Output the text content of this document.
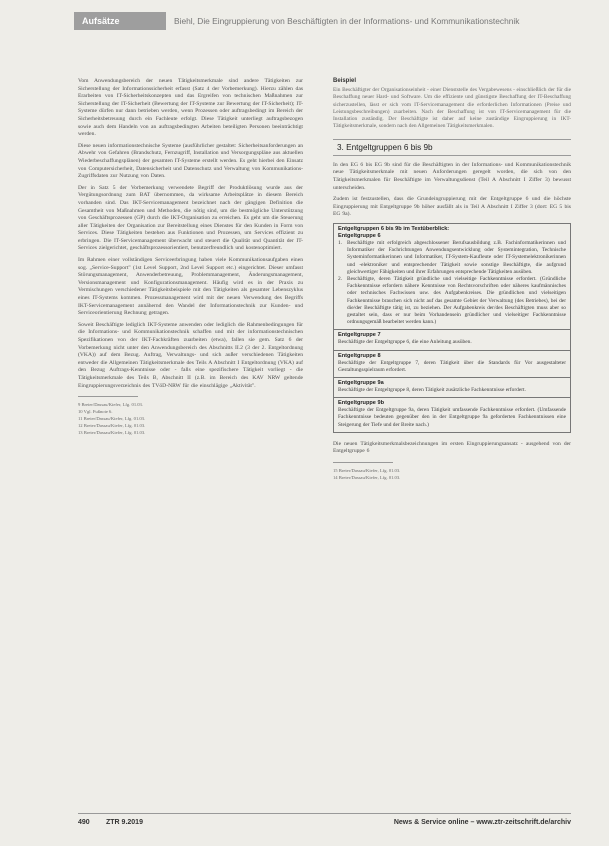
Aufsätze	Biehl, Die Eingruppierung von Beschäftigten in der Informations- und Kommunikationstechnik

Vom Anwendungsbereich der neuen Tätigkeitsmerkmale sind andere Tätigkeiten zur Sicherstellung der Informationssicherheit erfasst (Satz 4 der Vorbemerkung). Hierzu zählen das Erarbeiten von IT-Sicherheitskonzepten und das Ergreifen von technischen Maßnahmen zur Sicherstellung der IT-Sicherheit (Bewertung der IT-Systeme zur Bewertung der IT-Sicherheit); IT-Systeme dürfen nur dann betrieben werden, wenn Prozessen oder auftragsbedingt im Bereich der Sicherheitsbetreuung durch ein Fachleute erfolgt. Diese Tätigkeit unterliegt auftragsbezogen sowie auch dem Handeln von an auftragsbedingten Arbeiten beteiligten Personen beeinträchtigt werden.

Diese neuen informationstechnische Systeme (ausführlicher gestaltet: Sicherheitsanforderungen an Abwehr von Gefahren (Brandschutz, Fernzugriff, Installation und Versorgungspläne aus aktuellen Wiederbeschaffungsplänen) der gesamten IT-Systeme erstellt werden. Es geht hierbei den Einsatz von Computersicherheit, Datensicherheit und Datenschutz und Verwaltung von Kommunikations-Zugriffsdaten zur Nutzung von Daten.

Der in Satz 5 der Vorbemerkung verwendete Begriff der Produktlösung wurde aus der Vergütungsordnung zum BAT übernommen, da wirksame Arbeitsplätze in diesem Bereich vorhanden sind. Das IKT-Servicemanagement bezeichnet nach der gängigen Definition die Gesamtheit von Maßnahmen und Methoden, die nötig sind, um die bestmögliche Unterstützung von Geschäftsprozessen (GP) durch die IKT-Organisation zu erreichen. Es geht um die Steuerung aller Tätigkeiten der Organisation zur Bereitstellung eines Dienstes für den Kunden in Form von Services. Diese Tätigkeiten bestehen aus Funktionen und Prozessen, um Services effizient zu erbringen. Die IT-Servicemanagement überwacht und steuert die Qualität und Quantität der IT-Services zielgerichtet, geschäftsprozessorientiert, benutzerfreundlich und kostenoptimiert.

Im Rahmen einer vollständigen Serviceerbringung haben viele Kommunikationsaufgaben einen sog. „Service-Support" (1st Level Support, 2nd Level Support etc.) eingerichtet. Dieser umfasst Störungsmanagement, Anwenderbetreuung, Problemmanagement, Änderungsmanagement, Versionsmanagement und Konfigurationsmanagement. Häufig wird es in der Praxis zu Vermischungen verschiedener Tätigkeitsbeispiele mit den Tätigkeiten als gesamter Lebenszyklus eines IT-Systems kommen. Prozessmanagement wird mit der neuen Verwendung des Begriffs IKT-Servicemanagement annähernd den Wandel der Informationstechnik zur Kunden- und Serviceorientierung Rechnung getragen.

Soweit Beschäftigte lediglich IKT-Systeme anwenden oder lediglich die Rahmenbedingungen für die Informations- und Kommunikationstechnik schaffen und mit der informationstechnischen Spezifikationen von der IKT-Fachkräften zuarbeiten (etwa), fallen sie gem. Satz 6 der Vorbemerkung nicht unter den Anwendungsbereich des Abschnitts II.2 (3 der 2. Entgeltordnung (VKA)) auf dem Bezug. Auftrag, Verwaltungs- und sich außer verschiedenen Tätigkeiten entweder die Allgemeinen Tätigkeitsmerkmale des Teils A Abschnitt I Entgeltordnung (VKA) auf den Bezug Auftrags-Kenntnisse oder - falls eine spezifischere Tätigkeit vorliegt - die Tätigkeitsmerkmale des Teils B, Abschnitt II (z.B. im Bereich des KAV NRW geltende Eingruppierungsverzeichnis des TVöD-NRW für die einschlägige „Aktivität".

9 Breier/Dassau/Kiefer, Lfg. 01.03.

10 Vgl. Fußnote 6.

11 Breier/Dassau/Kiefer, Lfg. 01.03.

12 Breier/Dassau/Kiefer, Lfg. 01.03.

13 Breier/Dassau/Kiefer, Lfg. 01.03.

Beispiel

Ein Beschäftigter der Organisationseinheit - einer Dienststelle des Vergabewesens - einschließlich der für die Beschaffung neuer Hard- und Software. Um die effiziente und günstigste Beschaffung der IT-Beschaffung sicherzustellen, lässt er sich vom IT-Servicemanagement die erforderlichen Informationen (Preise und Leistungsbeschreibungen) zuarbeiten. Nach der Beschaffung ist von IT-Servicemanagement für die Installation zuständig. Der Beschäftigte ist daher auf keine zuständige Eingruppierung in IKT-Tätigkeitsmerkmale, sondern nach den Allgemeinen Tätigkeitsmerkmalen.

3. Entgeltgruppen 6 bis 9b

In den EG 6 bis EG 9b sind für die Beschäftigten in der Informations- und Kommunikationstechnik neue Tätigkeitsmerkmale mit neuen Anforderungen geregelt worden, die sich von den Tätigkeitsmerkmalen für Beschäftigte im Verwaltungsdienst (Teil A Abschnitt I Ziffer 3) bewusst unterscheiden.

Zudem ist festzustellen, dass die Grundeingruppierung mit der Entgeltgruppe 6 und die höchste Eingruppierung mit Entgeltgruppe 9b höher ausfällt als in Teil A Abschnitt I Ziffer 3 (dort: EG 5 bis EG 9a).

Entgeltgruppen 6 bis 9b im Textüberblick:

Entgeltgruppe 6

1. Beschäftigte mit erfolgreich abgeschlossener Berufsausbildung z.B. Fachinformatikerinnen und Informatiker der Fachrichtungen Anwendungsentwicklung oder Systemintegration, Technische Systeminformatikerinnen und Informatiker, IT-System-Kaufleute oder IT-Systemelektronikerinnen und -elektroniker und entsprechender Tätigkeit sowie sonstige Beschäftigte, die aufgrund gleichwertiger Fähigkeiten und ihrer Erfahrungen entsprechende Tätigkeiten ausüben.
2. Beschäftigte, deren Tätigkeit gründliche und vielseitige Fachkenntnisse erfordert. (Gründliche Fachkenntnisse erfordern nähere Kenntnisse von Rechtsvorschriften oder näheres kaufmännisches oder technisches Fachwissen usw. des Aufgabenkreises. Die gründlichen und vielseitigen Fachkenntnisse brauchen sich nicht auf das gesamte Gebiet der Verwaltung (des Betriebes), bei der die/der Beschäftigte tätig ist, zu beziehen. Der Aufgabenkreis der/des Beschäftigten muss aber so gestaltet sein, dass er nur beim Vorhandensein gründlicher und vielseitiger Fachkenntnisse ordnungsgemäß bearbeitet werden kann.)

Entgeltgruppe 7

Beschäftigte der Entgeltgruppe 6, die eine Anleitung ausüben.

Entgeltgruppe 8

Beschäftigte der Entgeltgruppe 7, deren Tätigkeit über die Standards für Vor ausgestalteter Gestaltungsspielraum erfordert.

Entgeltgruppe 9a

Beschäftigte der Entgeltgruppe 8, deren Tätigkeit zusätzliche Fachkenntnisse erfordert.

Entgeltgruppe 9b

Beschäftigte der Entgeltgruppe 9a, deren Tätigkeit umfassende Fachkenntnisse erfordert. (Umfassende Fachkenntnisse bedeuten gegenüber den in der Entgeltgruppe 9a geforderten Fachkenntnissen eine Steigerung der Tiefe und der Breite nach.)

Die neuen Tätigkeitsmerkmalsbezeichnungen im ersten Eingruppierungsansatz - ausgehend von der Entgeltgruppe 6

15 Breier/Dassau/Kiefer, Lfg. 01.03.

14 Breier/Dassau/Kiefer, Lfg. 01.03.

490 ZTR 9.2019	News & Service online – www.ztr-zeitschrift.de/archiv
